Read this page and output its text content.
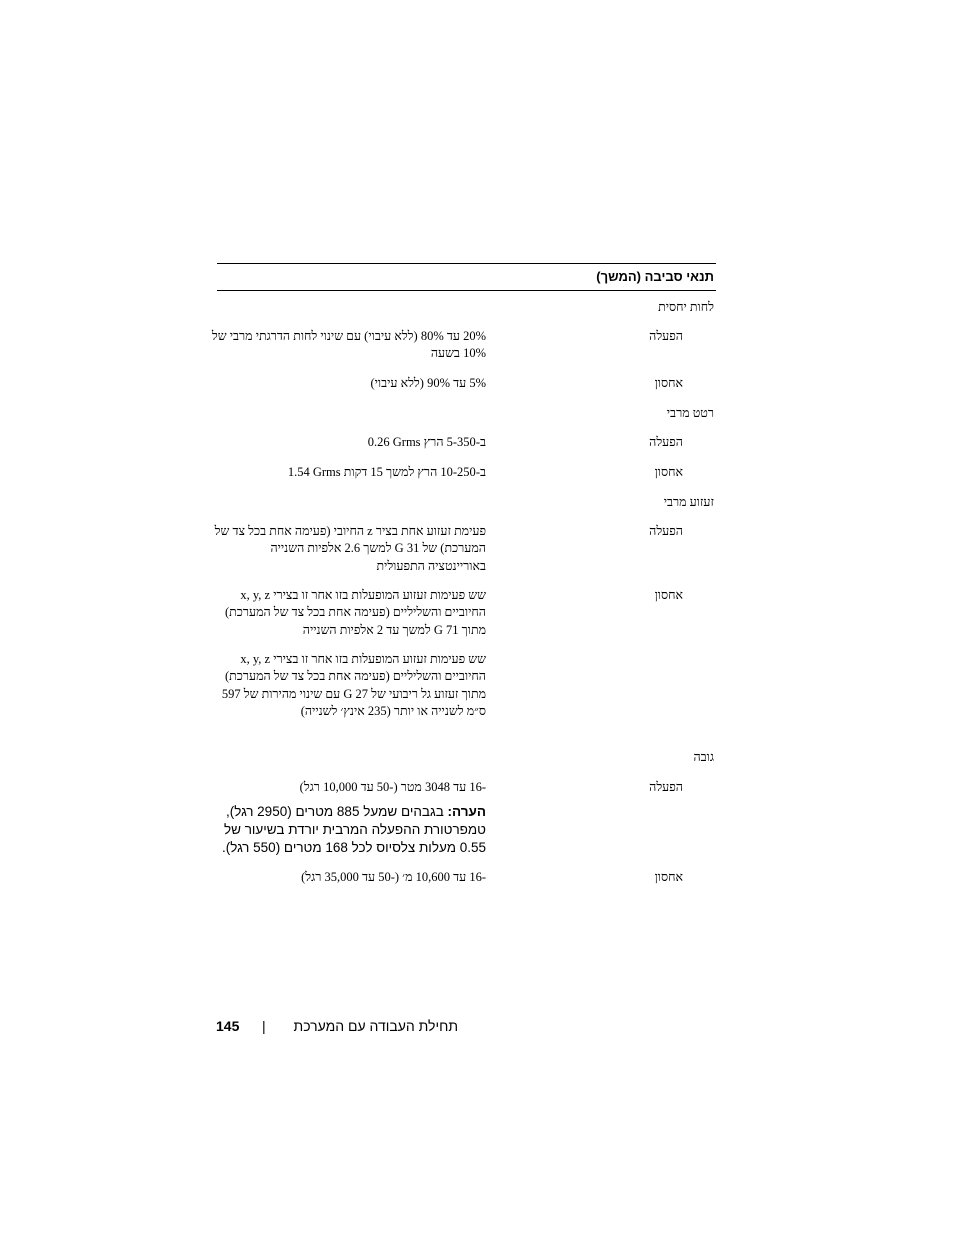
תנאי סביבה (המשך)
לחות יחסית
הפעלה
20% עד 80% (ללא עיבוי) עם שינוי לחות הדרגתי מרבי של 10% בשעה
אחסון
5% עד 90% (ללא עיבוי)
רטט מרבי
הפעלה
0.26 Grms ב-5-350 הרץ
אחסון
1.54 Grms ב-10-250 הרץ למשך 15 דקות
זעזוע מרבי
הפעלה
פעימת זעזוע אחת בציר z החיובי (פעימה אחת בכל צד של המערכת) של 31 G למשך 2.6 אלפיות השנייה באוריינטציה התפעולית
אחסון
שש פעימות זעזוע המופעלות בזו אחר זו בצירי x, y, z החיוביים והשליליים (פעימה אחת בכל צד של המערכת) מתוך 71 G למשך עד 2 אלפיות השנייה
שש פעימות זעזוע המופעלות בזו אחר זו בצירי x, y, z החיוביים והשליליים (פעימה אחת בכל צד של המערכת) מתוך זעזוע גל ריבועי של 27 G עם שינוי מהירות של 597 ס״מ לשנייה או יותר (235 אינץ׳ לשנייה)
גובה
הפעלה
-16 עד 3048 מטר (-50 עד 10,000 רגל)
הערה: בגבהים שמעל 885 מטרים (2950 רגל), טמפרטורת ההפעלה המרבית יורדת בשיעור של 0.55 מעלות צלסיוס לכל 168 מטרים (550 רגל).
אחסון
-16 עד 10,600 מ׳ (-50 עד 35,000 רגל)
145 | תכרעמה םע הדובעה תליחת
